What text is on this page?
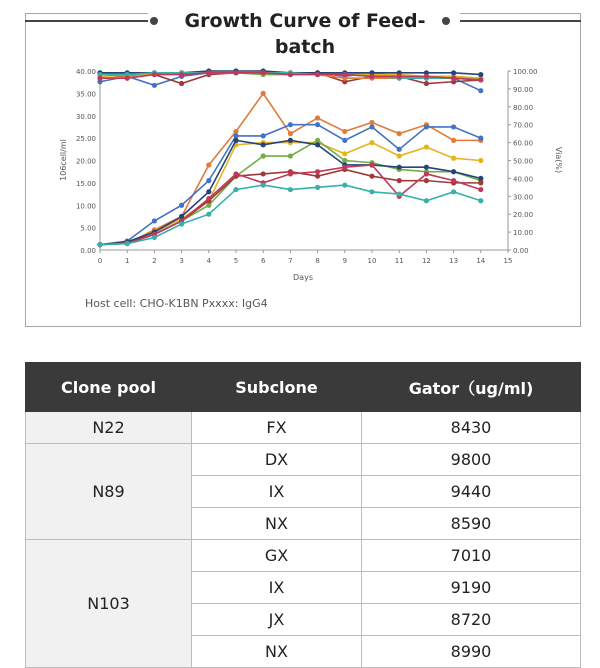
Growth Curve of Feed-batch
0	1	2	3	4	5	6	7	8	9	10	11	12	13	14	15
0.00
5.00
10.00
15.00
20.00
25.00
30.00
35.00
40.00
0.00
10.00
20.00
30.00
40.00
50.00
60.00
70.00
80.00
90.00
100.00
106cell/ml	Via(%)
Days
Host cell: CHO-K1BN Pxxxx: IgG4
Clone pool	Subclone	Gator（ug/ml)
N22	FX	8430
N89	DX	9800
	IX	9440
	NX	8590
N103	GX	7010
	IX	9190
	JX	8720
	NX	8990
